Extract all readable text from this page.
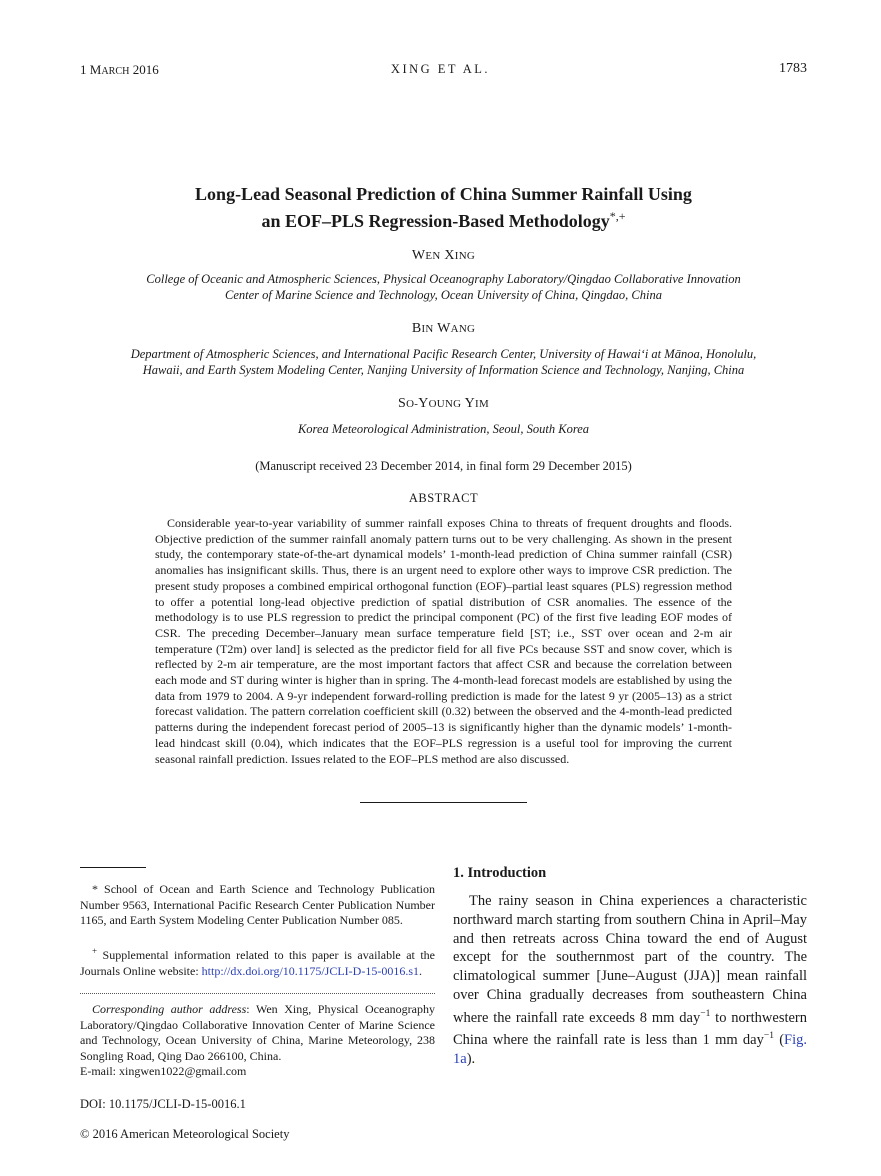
1 MARCH 2016	XING ET AL.	1783
Long-Lead Seasonal Prediction of China Summer Rainfall Using
an EOF–PLS Regression-Based Methodology*,+
WEN XING
College of Oceanic and Atmospheric Sciences, Physical Oceanography Laboratory/Qingdao Collaborative Innovation
Center of Marine Science and Technology, Ocean University of China, Qingdao, China
BIN WANG
Department of Atmospheric Sciences, and International Pacific Research Center, University of Hawai‘i at Mānoa, Honolulu,
Hawaii, and Earth System Modeling Center, Nanjing University of Information Science and Technology, Nanjing, China
SO-YOUNG YIM
Korea Meteorological Administration, Seoul, South Korea
(Manuscript received 23 December 2014, in final form 29 December 2015)
ABSTRACT

Considerable year-to-year variability of summer rainfall exposes China to threats of frequent droughts and floods. Objective prediction of the summer rainfall anomaly pattern turns out to be very challenging. As shown in the present study, the contemporary state-of-the-art dynamical models’ 1-month-lead prediction of China summer rainfall (CSR) anomalies has insignificant skills. Thus, there is an urgent need to explore other ways to improve CSR prediction. The present study proposes a combined empirical orthogonal function (EOF)–partial least squares (PLS) regression method to offer a potential long-lead objective prediction of spatial distribution of CSR anomalies. The essence of the methodology is to use PLS regression to predict the principal component (PC) of the first five leading EOF modes of CSR. The preceding December–January mean surface temperature field [ST; i.e., SST over ocean and 2-m air temperature (T2m) over land] is selected as the predictor field for all five PCs because SST and snow cover, which is reflected by 2-m air temperature, are the most important factors that affect CSR and because the correlation between each mode and ST during winter is higher than in spring. The 4-month-lead forecast models are established by using the data from 1979 to 2004. A 9-yr independent forward-rolling prediction is made for the latest 9 yr (2005–13) as a strict forecast validation. The pattern correlation coefficient skill (0.32) between the observed and the 4-month-lead predicted patterns during the independent forecast period of 2005–13 is significantly higher than the dynamic models’ 1-month-lead hindcast skill (0.04), which indicates that the EOF–PLS regression is a useful tool for improving the current seasonal rainfall prediction. Issues related to the EOF–PLS method are also discussed.

* School of Ocean and Earth Science and Technology Publication Number 9563, International Pacific Research Center Publication Number 1165, and Earth System Modeling Center Publication Number 085.

+ Supplemental information related to this paper is available at the Journals Online website: http://dx.doi.org/10.1175/JCLI-D-15-0016.s1.

Corresponding author address: Wen Xing, Physical Oceanography Laboratory/Qingdao Collaborative Innovation Center of Marine Science and Technology, Ocean University of China, Marine Meteorology, 238 Songling Road, Qing Dao 266100, China.

E-mail: xingwen1022@gmail.com

DOI: 10.1175/JCLI-D-15-0016.1
© 2016 American Meteorological Society
1. Introduction

The rainy season in China experiences a characteristic northward march starting from southern China in April–May and then retreats across China toward the end of August except for the southernmost part of the country. The climatological summer [June–August (JJA)] mean rainfall over China gradually decreases from southeastern China where the rainfall rate exceeds 8 mm day$^{-1}$ to northwestern China where the rainfall rate is less than 1 mm day$^{-1}$ (Fig. 1a).
